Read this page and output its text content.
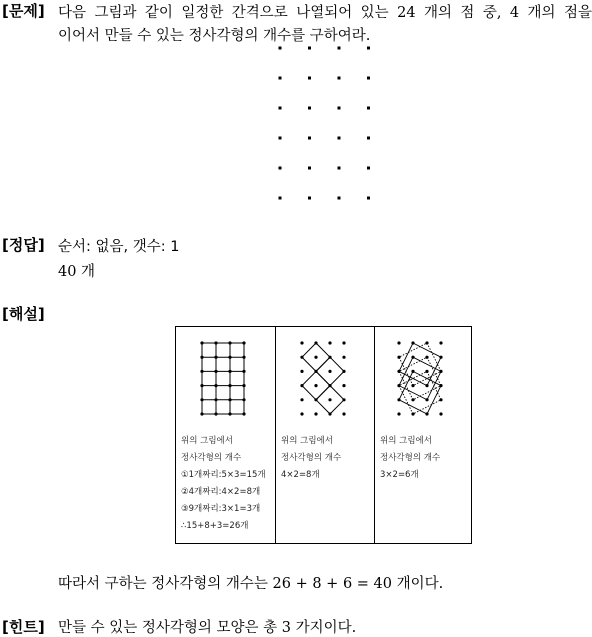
[문제] 다음 그림과 같이 일정한 간격으로 나열되어 있는 24 개의 점 중, 4 개의 점을
이어서 만들 수 있는 정사각형의 개수를 구하여라.
[정답] 순서: 없음, 갯수: 1
40 개
[해설]
위의 그림에서
정사각형의 개수
①1개짜리:5×3=15개
②4개짜리:4×2=8개
③9개짜리:3×1=3개
∴15+8+3=26개
위의 그림에서
정사각형의 개수
4×2=8개
위의 그림에서
정사각형의 개수
3×2=6개
따라서 구하는 정사각형의 개수는 26 + 8 + 6 = 40 개이다.
[힌트] 만들 수 있는 정사각형의 모양은 총 3 가지이다.
